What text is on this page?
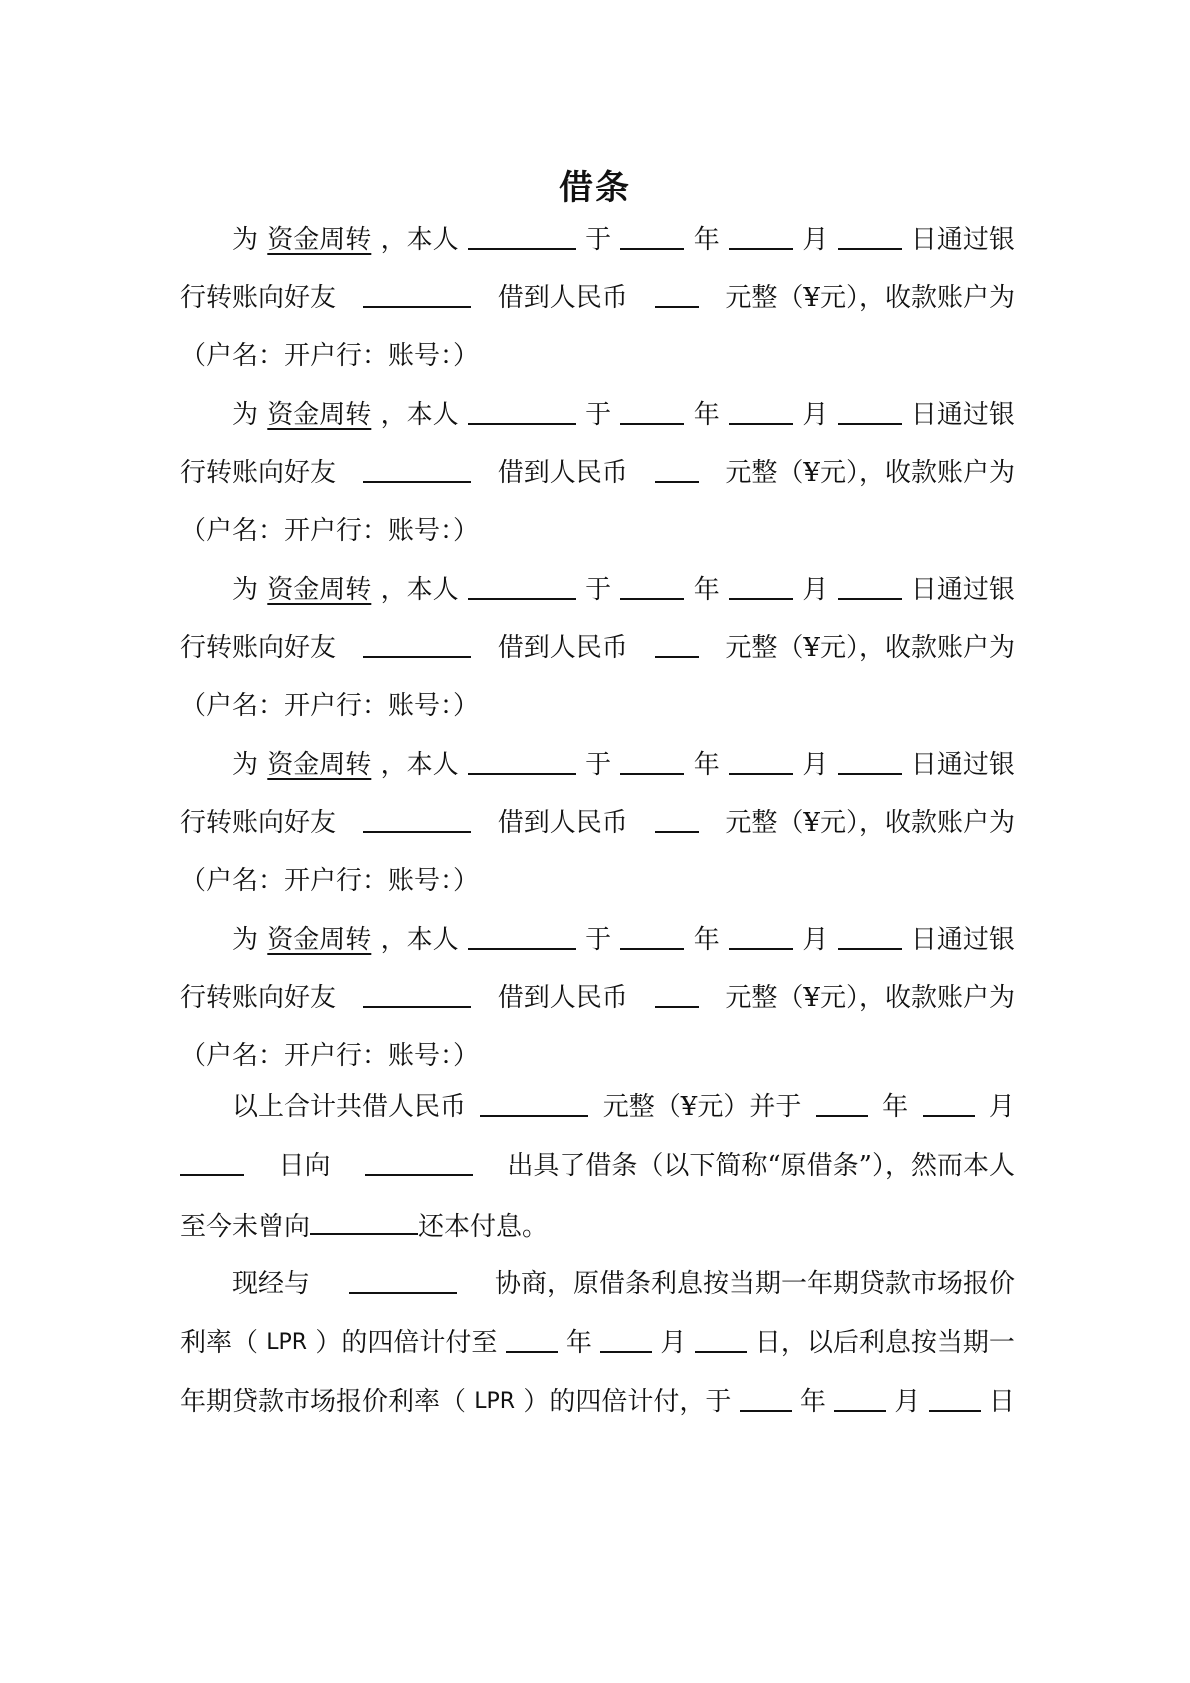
借条
为 资金周转 ，本人	于	年	月	日通过银
行转账向好友	借到人民币	元整（¥元），收款账户为
（户名：开户行：账号：）
为 资金周转 ，本人	于	年	月	日通过银
行转账向好友	借到人民币	元整（¥元），收款账户为
（户名：开户行：账号：）
为 资金周转 ，本人	于	年	月	日通过银
行转账向好友	借到人民币	元整（¥元），收款账户为
（户名：开户行：账号：）
为 资金周转 ，本人	于	年	月	日通过银
行转账向好友	借到人民币	元整（¥元），收款账户为
（户名：开户行：账号：）
为 资金周转 ，本人	于	年	月	日通过银
行转账向好友	借到人民币	元整（¥元），收款账户为
（户名：开户行：账号：）
以上合计共借人民币	元整（¥元）并于	年	月
日向	出具了借条（以下简称“原借条”），然而本人
至今未曾向	还本付息。
现经与	协商，原借条利息按当期一年期贷款市场报价
利率（ LPR ）的四倍计付至	年	月	日，以后利息按当期一
年期贷款市场报价利率（ LPR ）的四倍计付，于	年	月	日
